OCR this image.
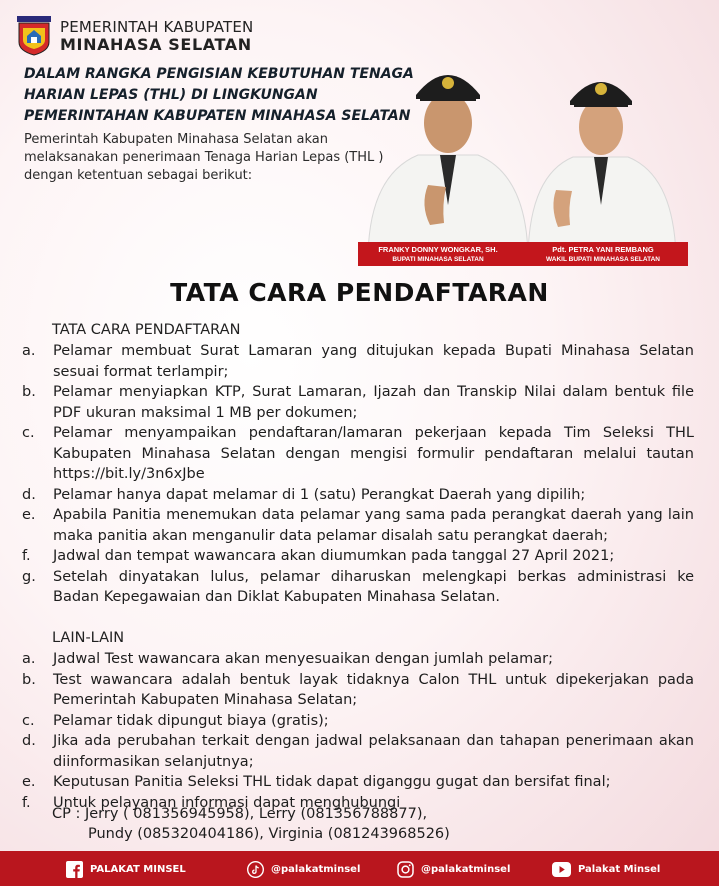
PEMERINTAH KABUPATEN
MINAHASA SELATAN
DALAM RANGKA PENGISIAN KEBUTUHAN TENAGA HARIAN LEPAS (THL) DI LINGKUNGAN PEMERINTAHAN KABUPATEN MINAHASA SELATAN
Pemerintah Kabupaten Minahasa Selatan akan melaksanakan penerimaan Tenaga Harian Lepas (THL ) dengan ketentuan sebagai berikut:
FRANKY DONNY WONGKAR, SH.
BUPATI MINAHASA SELATAN
Pdt. PETRA YANI REMBANG
WAKIL BUPATI MINAHASA SELATAN
TATA CARA PENDAFTARAN
TATA CARA PENDAFTARAN
a. Pelamar membuat Surat Lamaran yang ditujukan kepada Bupati Minahasa Selatan sesuai format terlampir;
b. Pelamar menyiapkan KTP, Surat Lamaran, Ijazah dan Transkip Nilai dalam bentuk file PDF ukuran maksimal 1 MB per dokumen;
c. Pelamar menyampaikan pendaftaran/lamaran pekerjaan kepada Tim Seleksi THL Kabupaten Minahasa Selatan dengan mengisi formulir pendaftaran melalui tautan https://bit.ly/3n6xJbe
d. Pelamar hanya dapat melamar di 1 (satu) Perangkat Daerah yang dipilih;
e. Apabila Panitia menemukan data pelamar yang sama pada perangkat daerah yang lain maka panitia akan menganulir data pelamar disalah satu perangkat daerah;
f. Jadwal dan tempat wawancara akan diumumkan pada tanggal 27 April 2021;
g. Setelah dinyatakan lulus, pelamar diharuskan melengkapi berkas administrasi ke Badan Kepegawaian dan Diklat Kabupaten Minahasa Selatan.
LAIN-LAIN
a. Jadwal Test wawancara akan menyesuaikan dengan jumlah pelamar;
b. Test wawancara adalah bentuk layak tidaknya Calon THL untuk dipekerjakan pada Pemerintah Kabupaten Minahasa Selatan;
c. Pelamar tidak dipungut biaya (gratis);
d. Jika ada perubahan terkait dengan jadwal pelaksanaan dan tahapan penerimaan akan diinformasikan selanjutnya;
e. Keputusan Panitia Seleksi THL tidak dapat diganggu gugat dan bersifat final;
f. Untuk pelayanan informasi dapat menghubungi
CP : Jerry ( 081356945958), Lerry (081356788877),
Pundy (085320404186), Virginia (081243968526)
PALAKAT MINSEL	@palakatminsel	@palakatminsel	Palakat Minsel
